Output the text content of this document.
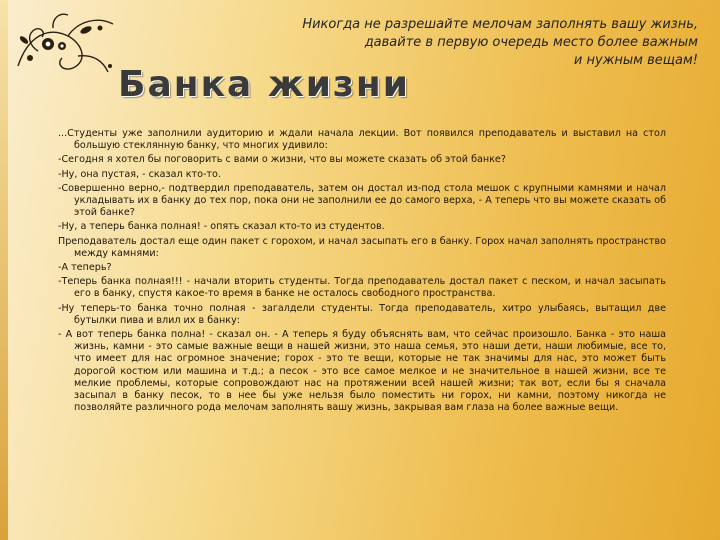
Никогда не разрешайте мелочам заполнять вашу жизнь,
давайте в первую очередь место более важным
и нужным вещам!
Банка жизни

...Студенты уже заполнили аудиторию и ждали начала лекции. Вот появился преподаватель и выставил на стол большую стеклянную банку, что многих удивило:

-Сегодня я хотел бы поговорить с вами о жизни, что вы можете сказать об этой банке?

-Ну, она пустая, - сказал кто-то.

-Совершенно верно,- подтвердил преподаватель, затем он достал из-под стола мешок с крупными камнями и начал укладывать их в банку до тех пор, пока они не заполнили ее до самого верха, - А теперь что вы можете сказать об этой банке?

-Ну, а теперь банка полная! - опять сказал кто-то из студентов.

Преподаватель достал еще один пакет с горохом, и начал засыпать его в банку. Горох начал заполнять пространство между камнями:

-А теперь?

-Теперь банка полная!!! - начали вторить студенты. Тогда преподаватель достал пакет с песком, и начал засыпать его в банку, спустя какое-то время в банке не осталось свободного пространства.

-Ну теперь-то банка точно полная - загалдели студенты. Тогда преподаватель, хитро улыбаясь, вытащил две бутылки пива и влил их в банку:

- А вот теперь банка полна! - сказал он. - А теперь я буду объяснять вам, что сейчас произошло. Банка - это наша жизнь, камни - это самые важные вещи в нашей жизни, это наша семья, это наши дети, наши любимые, все то, что имеет для нас огромное значение; горох - это те вещи, которые не так значимы для нас, это может быть дорогой костюм или машина и т.д.; а песок - это все самое мелкое и не значительное в нашей жизни, все те мелкие проблемы, которые сопровождают нас на протяжении всей нашей жизни; так вот, если бы я сначала засыпал в банку песок, то в нее бы уже нельзя было поместить ни горох, ни камни, поэтому никогда не позволяйте различного рода мелочам заполнять вашу жизнь, закрывая вам глаза на более важные вещи.
